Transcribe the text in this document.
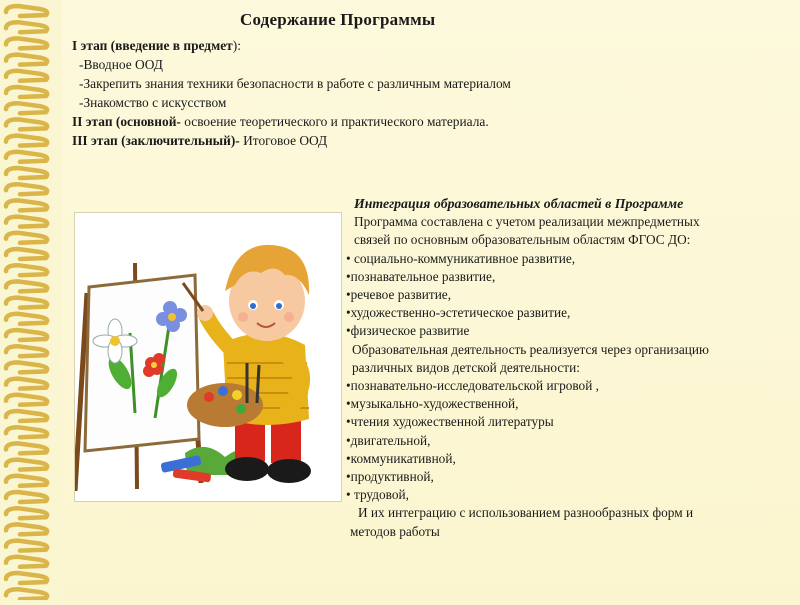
Содержание Программы
I этап (введение в предмет):
-Вводное ООД
-Закрепить знания техники безопасности в работе с различным материалом
-Знакомство с искусством
II этап (основной- освоение теоретического и практического материала.
III этап (заключительный)- Итоговое ООД
Интеграция образовательных областей в Программе
Программа составлена с учетом реализации межпредметных
связей по основным образовательным областям ФГОС ДО:
• социально-коммуникативное развитие,
•познавательное развитие,
•речевое развитие,
•художественно-эстетическое развитие,
•физическое развитие
Образовательная деятельность реализуется через организацию
различных видов детской деятельности:
•познавательно-исследовательской игровой ,
•музыкально-художественной,
•чтения художественной литературы
•двигательной,
•коммуникативной,
•продуктивной,
• трудовой,
И их интеграцию с использованием разнообразных форм и
методов работы
